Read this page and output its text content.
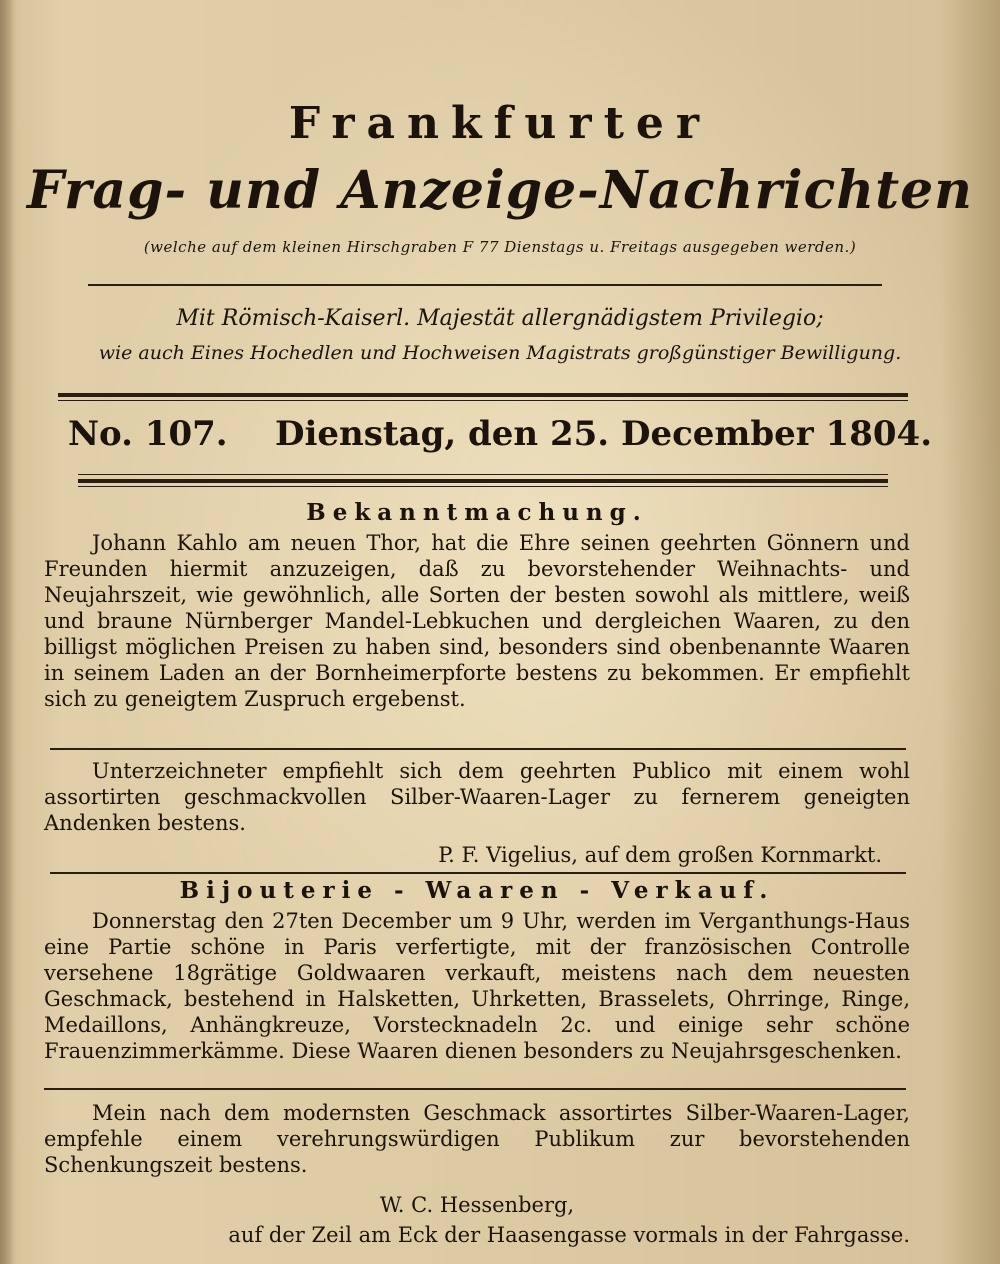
Frankfurter
Frag- und Anzeige-Nachrichten
(welche auf dem kleinen Hirschgraben F 77 Dienstags u. Freitags ausgegeben werden.)
Mit Römisch-Kaiserl. Majestät allergnädigstem Privilegio;
wie auch Eines Hochedlen und Hochweisen Magistrats großgünstiger Bewilligung.
No. 107. Dienstag, den 25. December 1804.
Bekanntmachung.

Johann Kahlo am neuen Thor, hat die Ehre seinen geehrten Gönnern und Freunden hiermit anzuzeigen, daß zu bevorstehender Weihnachts- und Neujahrszeit, wie gewöhnlich, alle Sorten der besten sowohl als mittlere, weiß und braune Nürnberger Mandel-Lebkuchen und dergleichen Waaren, zu den billigst möglichen Preisen zu haben sind, besonders sind obenbenannte Waaren in seinem Laden an der Bornheimerpforte bestens zu bekommen. Er empfiehlt sich zu geneigtem Zuspruch ergebenst.

Unterzeichneter empfiehlt sich dem geehrten Publico mit einem wohl assortirten geschmackvollen Silber-Waaren-Lager zu fernerem geneigten Andenken bestens.

P. F. Vigelius, auf dem großen Kornmarkt.
Bijouterie - Waaren - Verkauf.

Donnerstag den 27ten December um 9 Uhr, werden im Verganthungs-Haus eine Partie schöne in Paris verfertigte, mit der französischen Controlle versehene 18grätige Goldwaaren verkauft, meistens nach dem neuesten Geschmack, bestehend in Halsketten, Uhrketten, Brasselets, Ohrringe, Ringe, Medaillons, Anhängkreuze, Vorstecknadeln 2c. und einige sehr schöne Frauenzimmerkämme. Diese Waaren dienen besonders zu Neujahrsgeschenken.

Mein nach dem modernsten Geschmack assortirtes Silber-Waaren-Lager, empfehle einem verehrungswürdigen Publikum zur bevorstehenden Schenkungszeit bestens.

W. C. Hessenberg,
auf der Zeil am Eck der Haasengasse vormals in der Fahrgasse.
